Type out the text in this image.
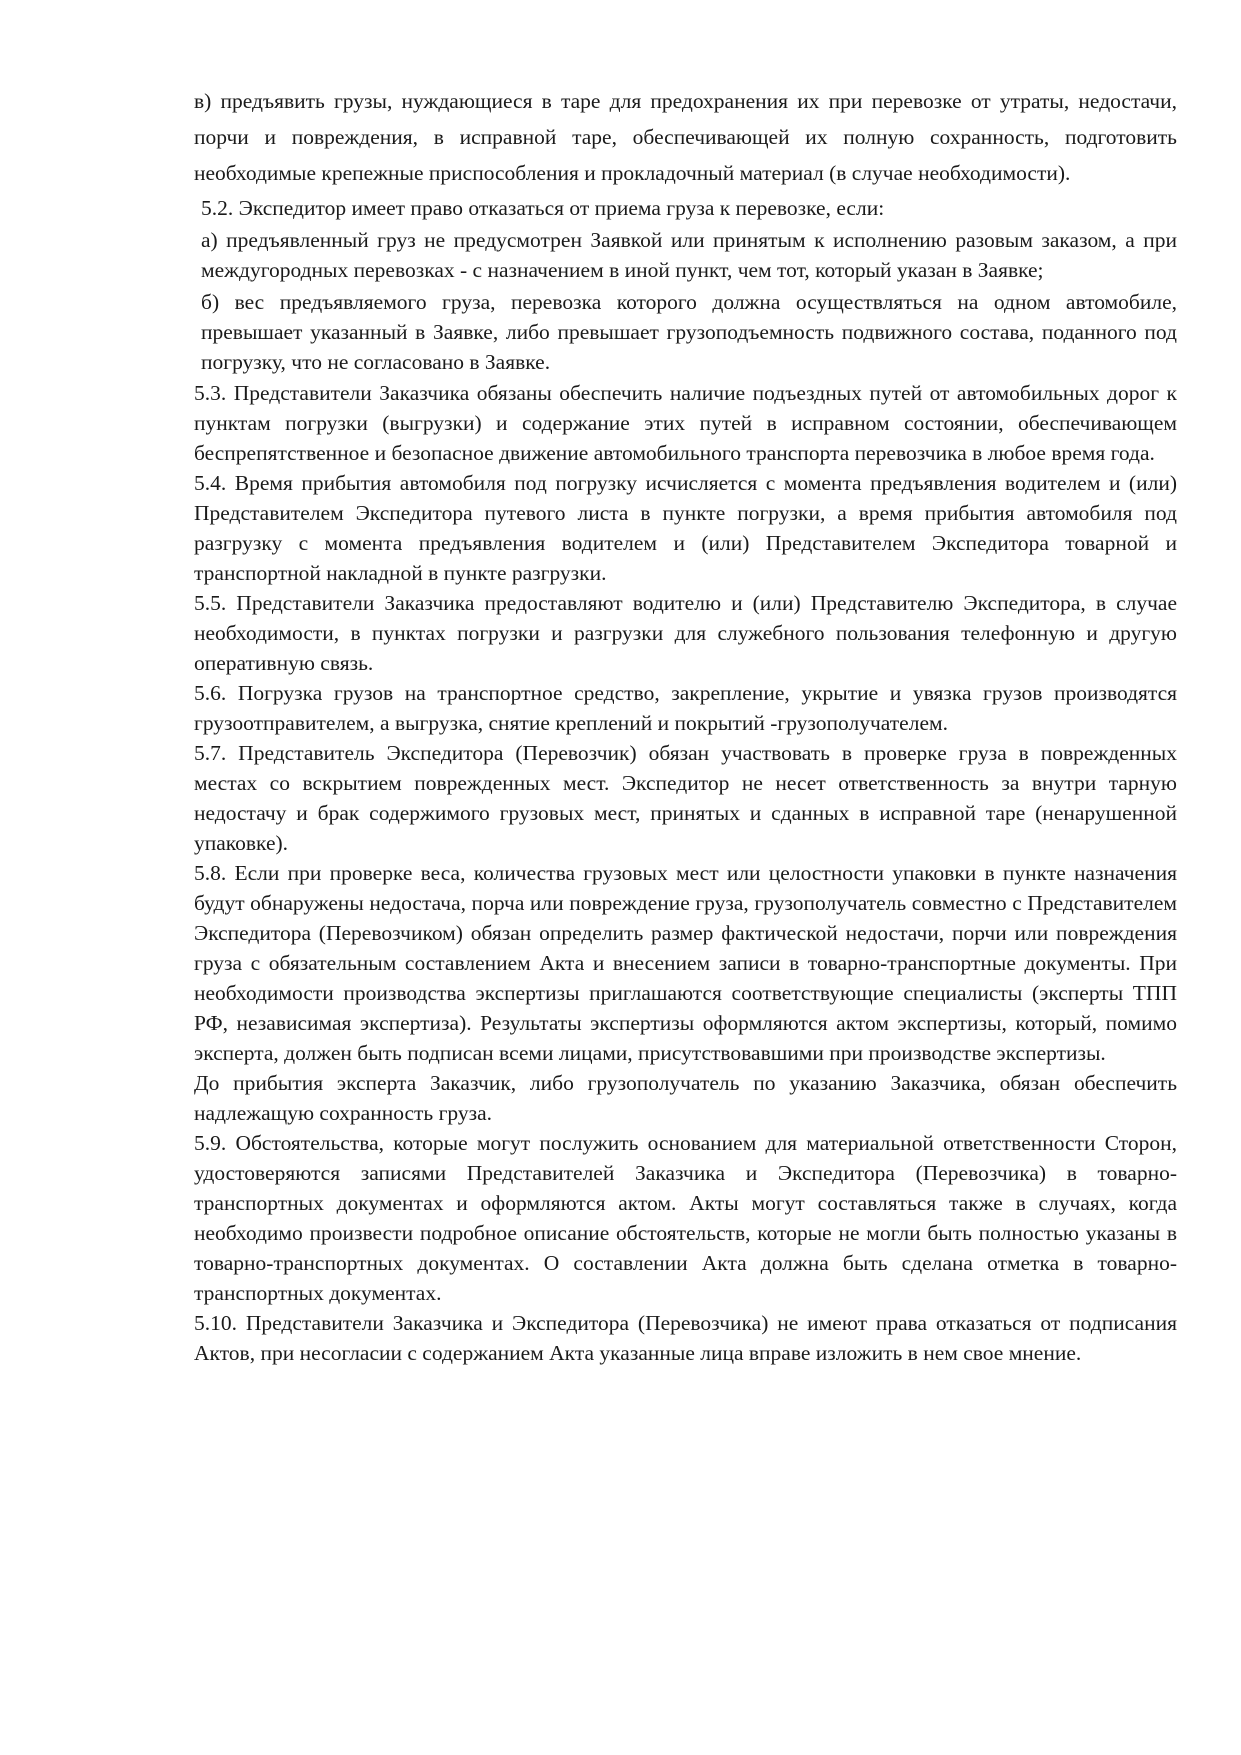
в) предъявить грузы, нуждающиеся в таре для предохранения их при перевозке от утраты, недостачи, порчи и повреждения, в исправной таре, обеспечивающей их полную сохранность, подготовить необходимые крепежные приспособления и прокладочный материал (в случае необходимости).

5.2. Экспедитор имеет право отказаться от приема груза к перевозке, если:

а) предъявленный груз не предусмотрен Заявкой или принятым к исполнению разовым заказом, а при междугородных перевозках - с назначением в иной пункт, чем тот, который указан в Заявке;

б) вес предъявляемого груза, перевозка которого должна осуществляться на одном автомобиле, превышает указанный в Заявке, либо превышает грузоподъемность подвижного состава, поданного под погрузку, что не согласовано в Заявке.

5.3. Представители Заказчика обязаны обеспечить наличие подъездных путей от автомобильных дорог к пунктам погрузки (выгрузки) и содержание этих путей в исправном состоянии, обеспечивающем беспрепятственное и безопасное движение автомобильного транспорта перевозчика в любое время года.

5.4. Время прибытия автомобиля под погрузку исчисляется с момента предъявления водителем и (или) Представителем Экспедитора путевого листа в пункте погрузки, а время прибытия автомобиля под разгрузку с момента предъявления водителем и (или) Представителем Экспедитора товарной и транспортной накладной в пункте разгрузки.

5.5. Представители Заказчика предоставляют водителю и (или) Представителю Экспедитора, в случае необходимости, в пунктах погрузки и разгрузки для служебного пользования телефонную и другую оперативную связь.

5.6. Погрузка грузов на транспортное средство, закрепление, укрытие и увязка грузов производятся грузоотправителем, а выгрузка, снятие креплений и покрытий -грузополучателем.

5.7. Представитель Экспедитора (Перевозчик) обязан участвовать в проверке груза в поврежденных местах со вскрытием поврежденных мест. Экспедитор не несет ответственность за внутри тарную недостачу и брак содержимого грузовых мест, принятых и сданных в исправной таре (ненарушенной упаковке).

5.8. Если при проверке веса, количества грузовых мест или целостности упаковки в пункте назначения будут обнаружены недостача, порча или повреждение груза, грузополучатель совместно с Представителем Экспедитора (Перевозчиком) обязан определить размер фактической недостачи, порчи или повреждения груза с обязательным составлением Акта и внесением записи в товарно-транспортные документы. При необходимости производства экспертизы приглашаются соответствующие специалисты (эксперты ТПП РФ, независимая экспертиза). Результаты экспертизы оформляются актом экспертизы, который, помимо эксперта, должен быть подписан всеми лицами, присутствовавшими при производстве экспертизы.

До прибытия эксперта Заказчик, либо грузополучатель по указанию Заказчика, обязан обеспечить надлежащую сохранность груза.

5.9. Обстоятельства, которые могут послужить основанием для материальной ответственности Сторон, удостоверяются записями Представителей Заказчика и Экспедитора (Перевозчика) в товарно-транспортных документах и оформляются актом. Акты могут составляться также в случаях, когда необходимо произвести подробное описание обстоятельств, которые не могли быть полностью указаны в товарно-транспортных документах. О составлении Акта должна быть сделана отметка в товарно-транспортных документах.

5.10. Представители Заказчика и Экспедитора (Перевозчика) не имеют права отказаться от подписания Актов, при несогласии с содержанием Акта указанные лица вправе изложить в нем свое мнение.
